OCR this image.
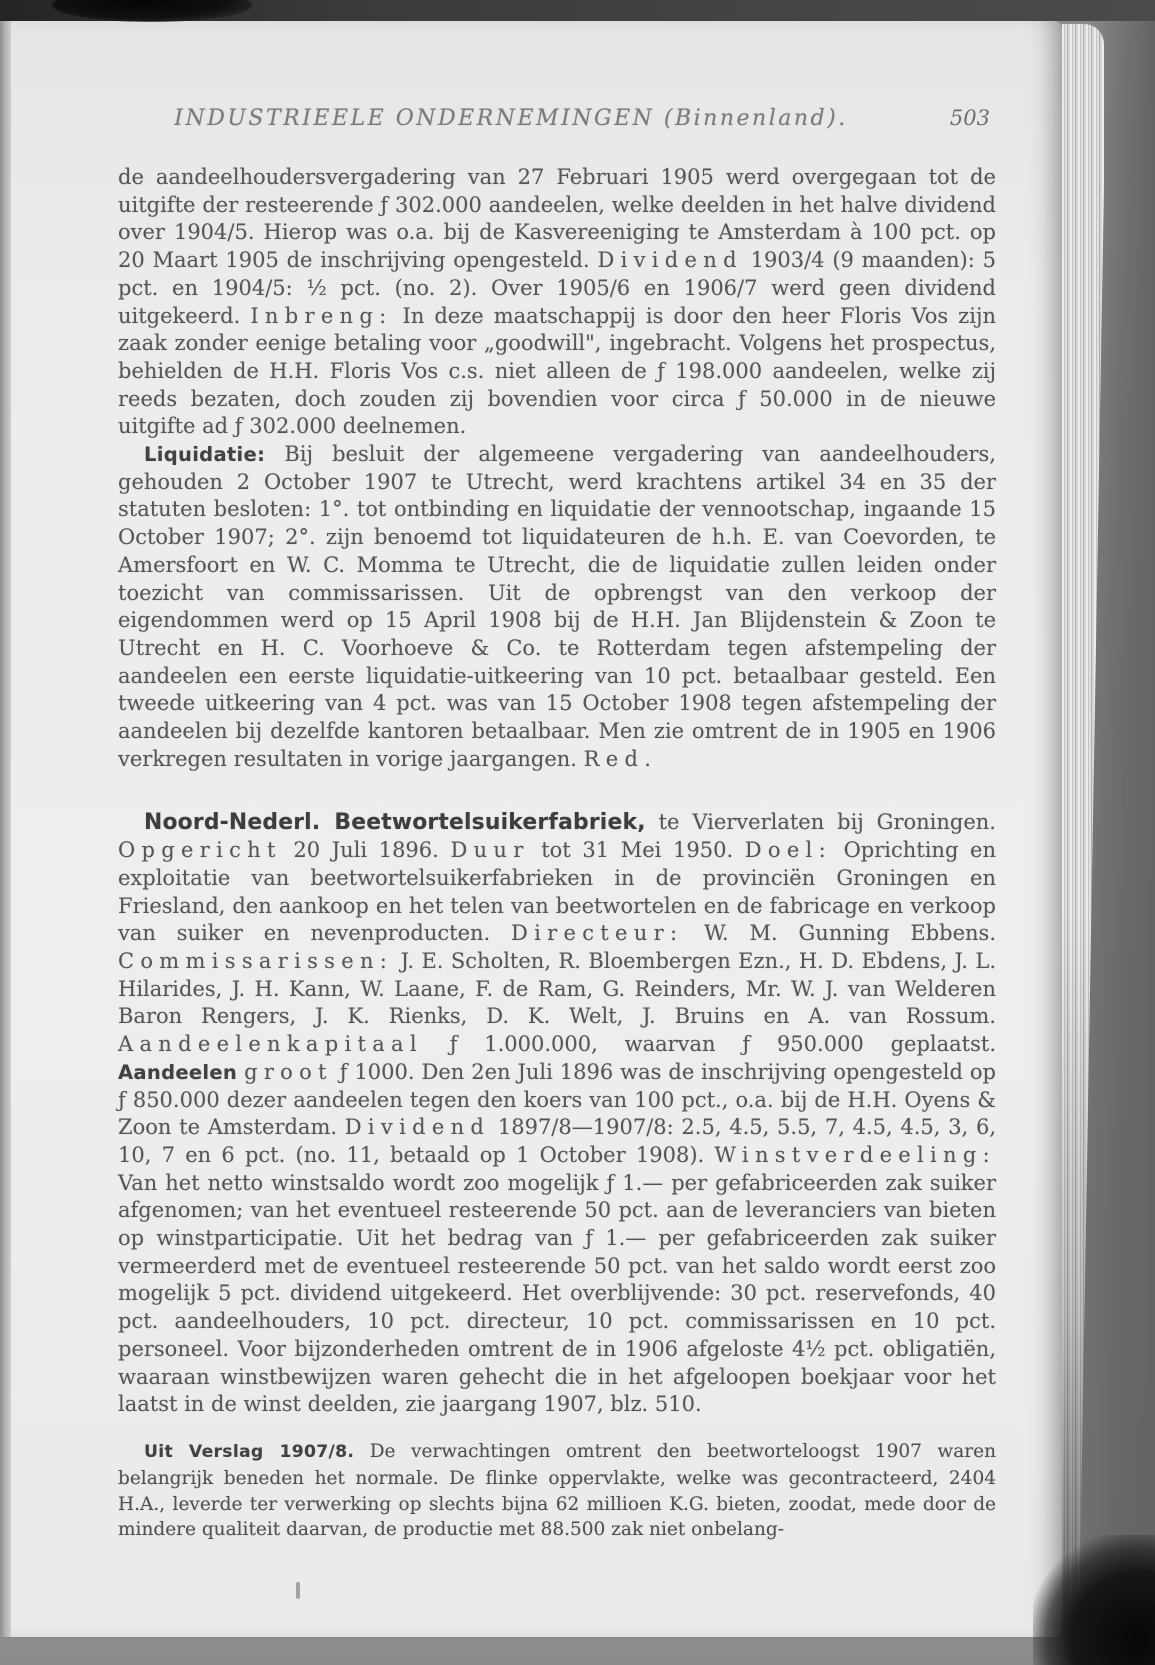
INDUSTRIEELE ONDERNEMINGEN (Binnenland).	503

de aandeelhoudersvergadering van 27 Februari 1905 werd overgegaan tot de uitgifte der resteerende ƒ 302.000 aandeelen, welke deelden in het halve dividend over 1904/5. Hierop was o.a. bij de Kasvereeniging te Amsterdam à 100 pct. op 20 Maart 1905 de inschrijving opengesteld. Dividend 1903/4 (9 maanden): 5 pct. en 1904/5: ½ pct. (no. 2). Over 1905/6 en 1906/7 werd geen dividend uitgekeerd. Inbreng: In deze maatschappij is door den heer Floris Vos zijn zaak zonder eenige betaling voor „goodwill", ingebracht. Volgens het prospectus, behielden de H.H. Floris Vos c.s. niet alleen de ƒ 198.000 aandeelen, welke zij reeds bezaten, doch zouden zij bovendien voor circa ƒ 50.000 in de nieuwe uitgifte ad ƒ 302.000 deelnemen.

Liquidatie: Bij besluit der algemeene vergadering van aandeelhouders, gehouden 2 October 1907 te Utrecht, werd krachtens artikel 34 en 35 der statuten besloten: 1°. tot ontbinding en liquidatie der vennootschap, ingaande 15 October 1907; 2°. zijn benoemd tot liquidateuren de h.h. E. van Coevorden, te Amersfoort en W. C. Momma te Utrecht, die de liquidatie zullen leiden onder toezicht van commissarissen. Uit de opbrengst van den verkoop der eigendommen werd op 15 April 1908 bij de H.H. Jan Blijdenstein & Zoon te Utrecht en H. C. Voorhoeve & Co. te Rotterdam tegen afstempeling der aandeelen een eerste liquidatie-uitkeering van 10 pct. betaalbaar gesteld. Een tweede uitkeering van 4 pct. was van 15 October 1908 tegen afstempeling der aandeelen bij dezelfde kantoren betaalbaar. Men zie omtrent de in 1905 en 1906 verkregen resultaten in vorige jaargangen. Red.

Noord-Nederl. Beetwortelsuikerfabriek, te Vierverlaten bij Groningen. Opgericht 20 Juli 1896. Duur tot 31 Mei 1950. Doel: Oprichting en exploitatie van beetwortelsuikerfabrieken in de provinciën Groningen en Friesland, den aankoop en het telen van beetwortelen en de fabricage en verkoop van suiker en nevenproducten. Directeur: W. M. Gunning Ebbens. Commissarissen: J. E. Scholten, R. Bloembergen Ezn., H. D. Ebdens, J. L. Hilarides, J. H. Kann, W. Laane, F. de Ram, G. Reinders, Mr. W. J. van Welderen Baron Rengers, J. K. Rienks, D. K. Welt, J. Bruins en A. van Rossum. Aandeelenkapitaal ƒ 1.000.000, waarvan ƒ 950.000 geplaatst. Aandeelen groot ƒ 1000. Den 2en Juli 1896 was de inschrijving opengesteld op ƒ 850.000 dezer aandeelen tegen den koers van 100 pct., o.a. bij de H.H. Oyens & Zoon te Amsterdam. Dividend 1897/8—1907/8: 2.5, 4.5, 5.5, 7, 4.5, 4.5, 3, 6, 10, 7 en 6 pct. (no. 11, betaald op 1 October 1908). Winstverdeeling: Van het netto winstsaldo wordt zoo mogelijk ƒ 1.— per gefabriceerden zak suiker afgenomen; van het eventueel resteerende 50 pct. aan de leveranciers van bieten op winstparticipatie. Uit het bedrag van ƒ 1.— per gefabriceerden zak suiker vermeerderd met de eventueel resteerende 50 pct. van het saldo wordt eerst zoo mogelijk 5 pct. dividend uitgekeerd. Het overblijvende: 30 pct. reservefonds, 40 pct. aandeelhouders, 10 pct. directeur, 10 pct. commissarissen en 10 pct. personeel. Voor bijzonderheden omtrent de in 1906 afgeloste 4½ pct. obligatiën, waaraan winstbewijzen waren gehecht die in het afgeloopen boekjaar voor het laatst in de winst deelden, zie jaargang 1907, blz. 510.

Uit Verslag 1907/8. De verwachtingen omtrent den beetworteloogst 1907 waren belangrijk beneden het normale. De flinke oppervlakte, welke was gecontracteerd, 2404 H.A., leverde ter verwerking op slechts bijna 62 millioen K.G. bieten, zoodat, mede door de mindere qualiteit daarvan, de productie met 88.500 zak niet onbelang-
